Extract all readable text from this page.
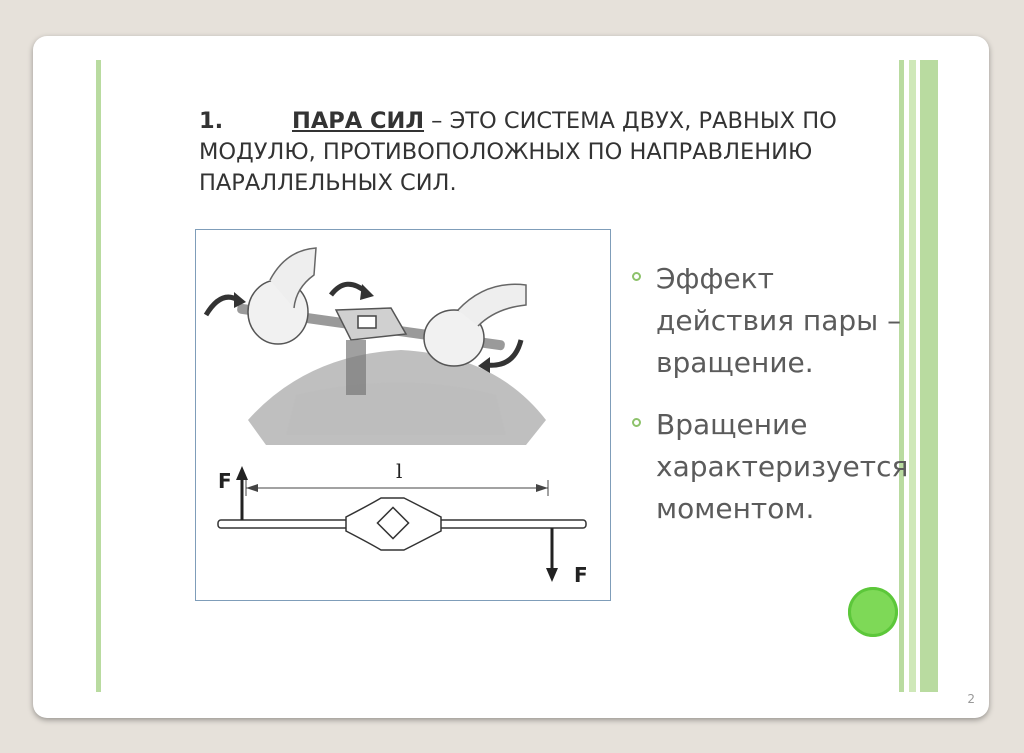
1.	ПАРА СИЛ – ЭТО СИСТЕМА ДВУХ, РАВНЫХ ПО МОДУЛЮ, ПРОТИВОПОЛОЖНЫХ ПО НАПРАВЛЕНИЮ ПАРАЛЛЕЛЬНЫХ СИЛ.

F
F
l
Эффект действия пары – вращение.
Вращение характеризуется моментом.
2
